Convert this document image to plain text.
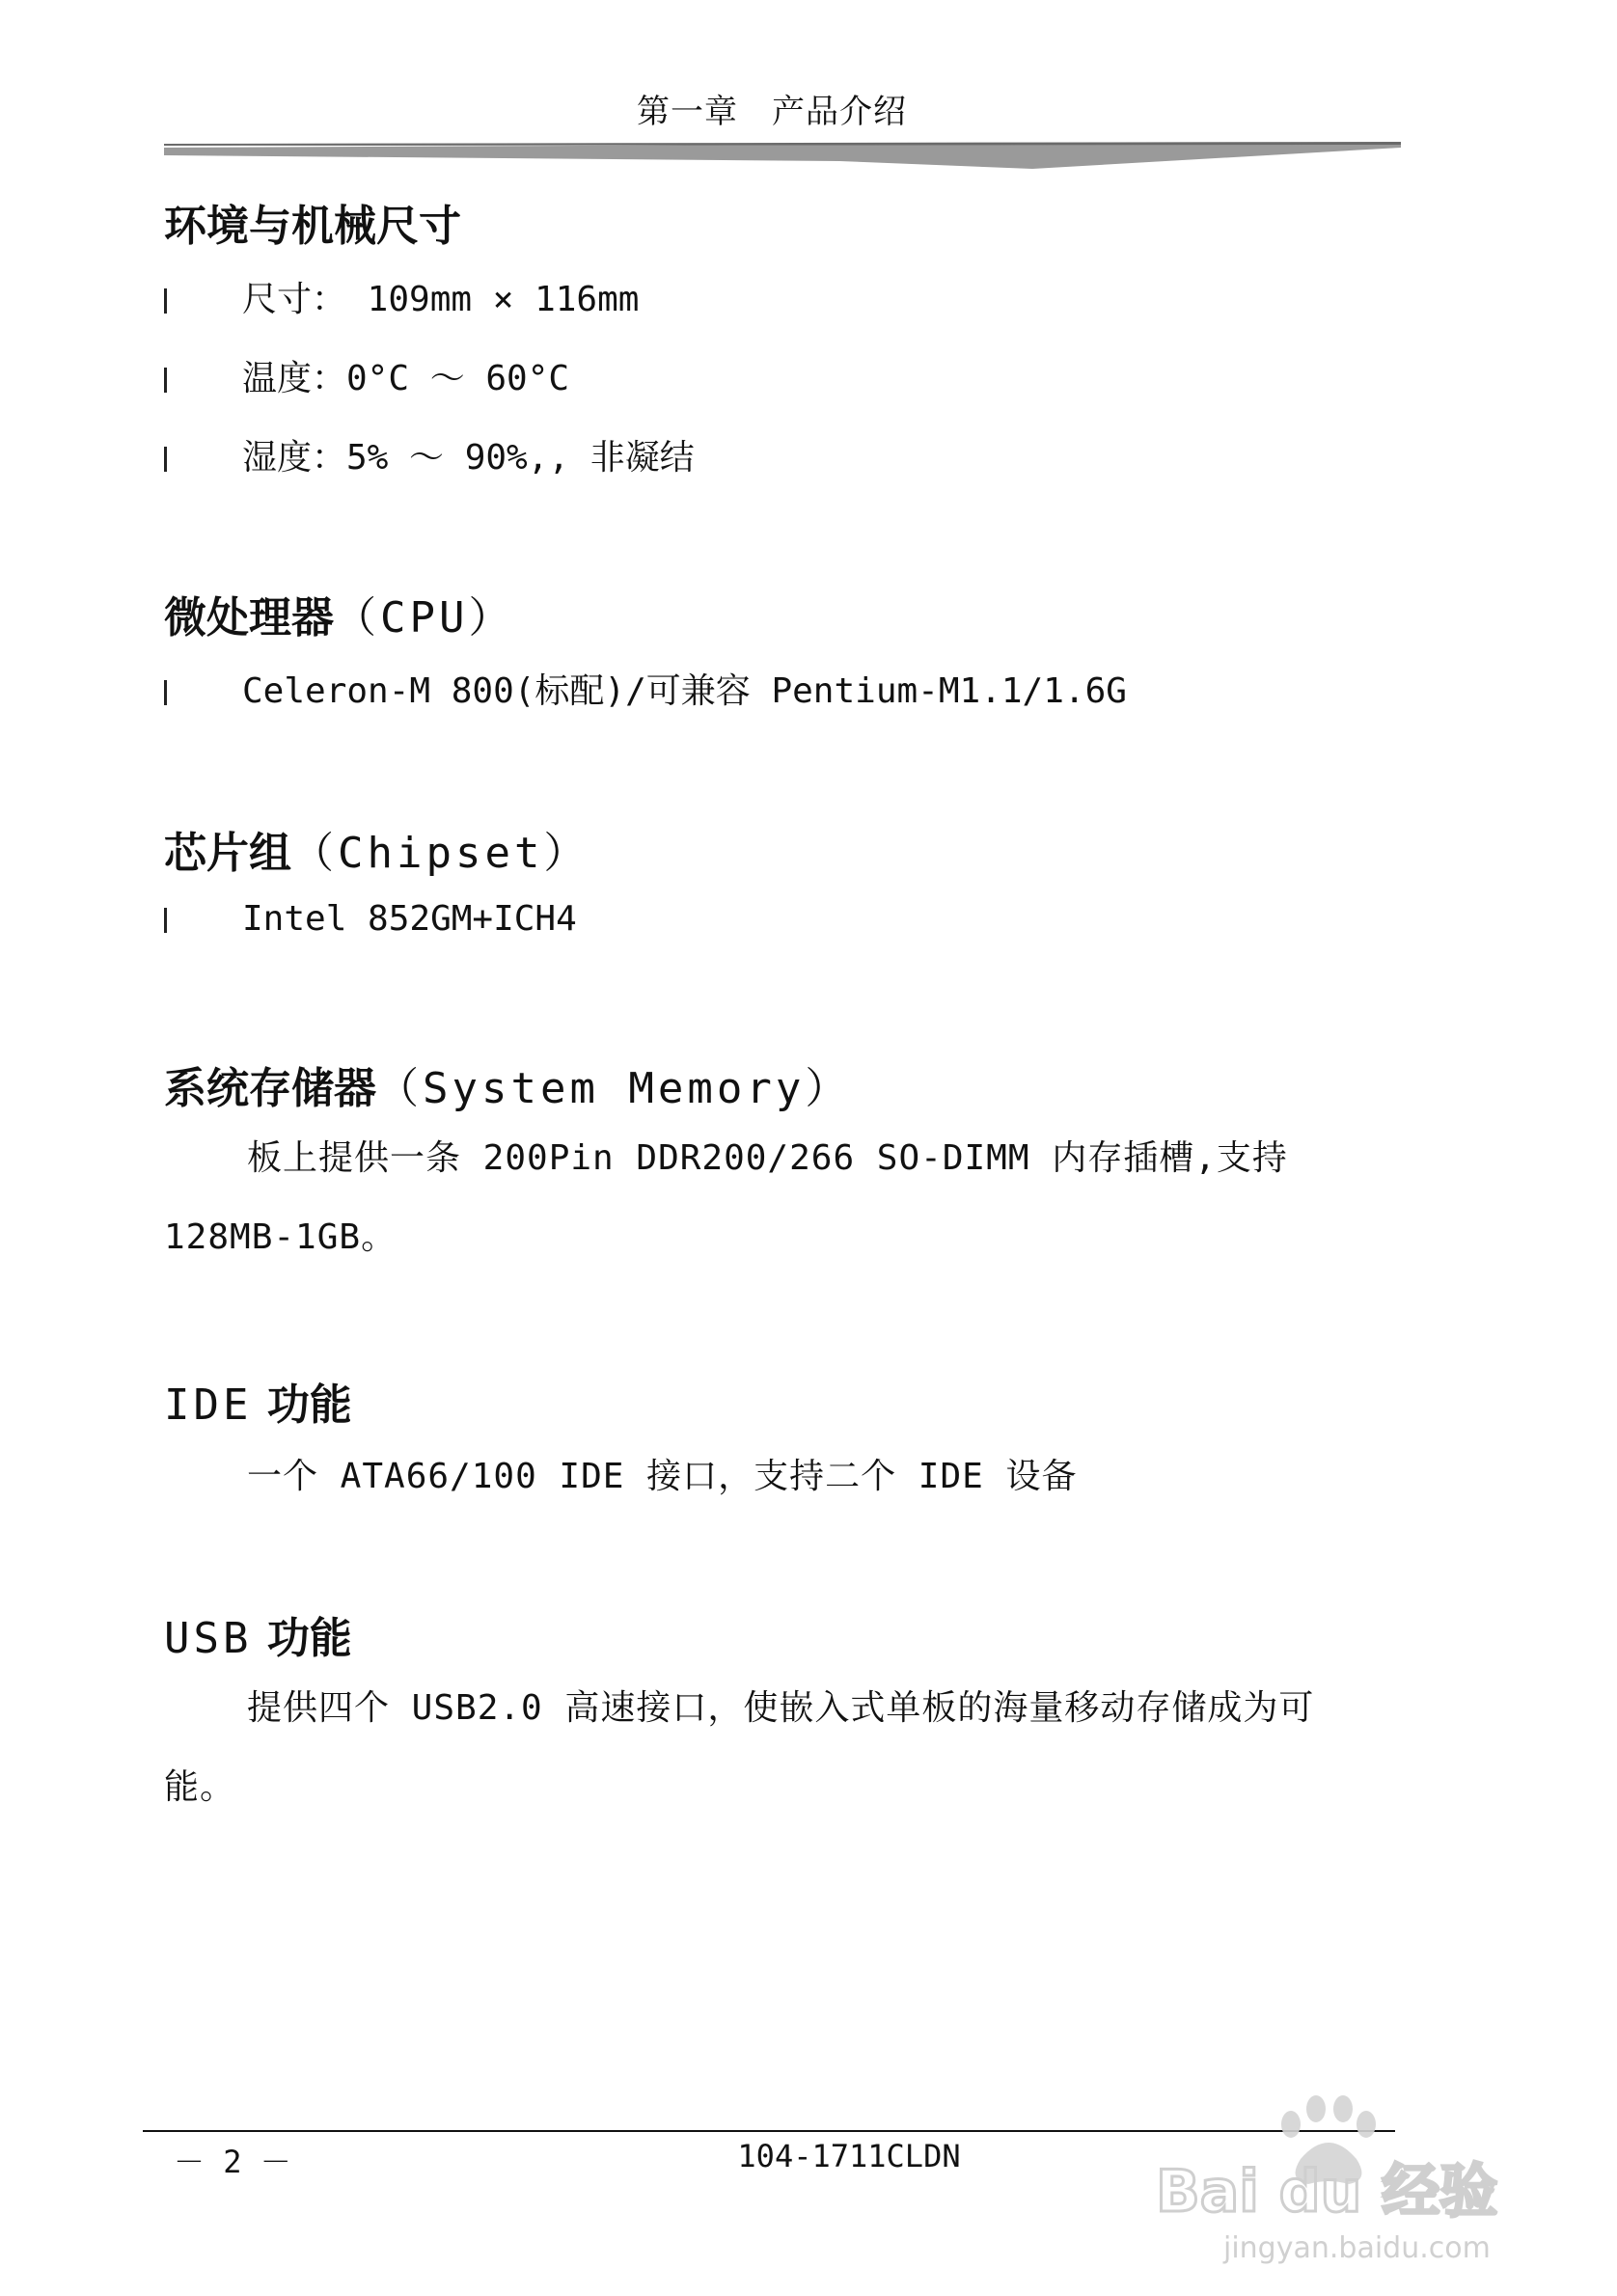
第一章　产品介绍
环境与机械尺寸
尺寸： 109mm × 116mm
温度：0°C ～ 60°C
湿度：5% ～ 90%,, 非凝结
微处理器（CPU）
Celeron-M 800(标配)/可兼容 Pentium-M1.1/1.6G
芯片组（Chipset）
Intel 852GM+ICH4
系统存储器（System Memory）
板上提供一条 200Pin DDR200/266 SO-DIMM 内存插槽,支持 128MB-1GB。
IDE 功能
一个 ATA66/100 IDE 接口，支持二个 IDE 设备
USB 功能
提供四个 USB2.0 高速接口，使嵌入式单板的海量移动存储成为可能。
－ 2 －	104-1711CLDN
Bai du 经验
jingyan.baidu.com
